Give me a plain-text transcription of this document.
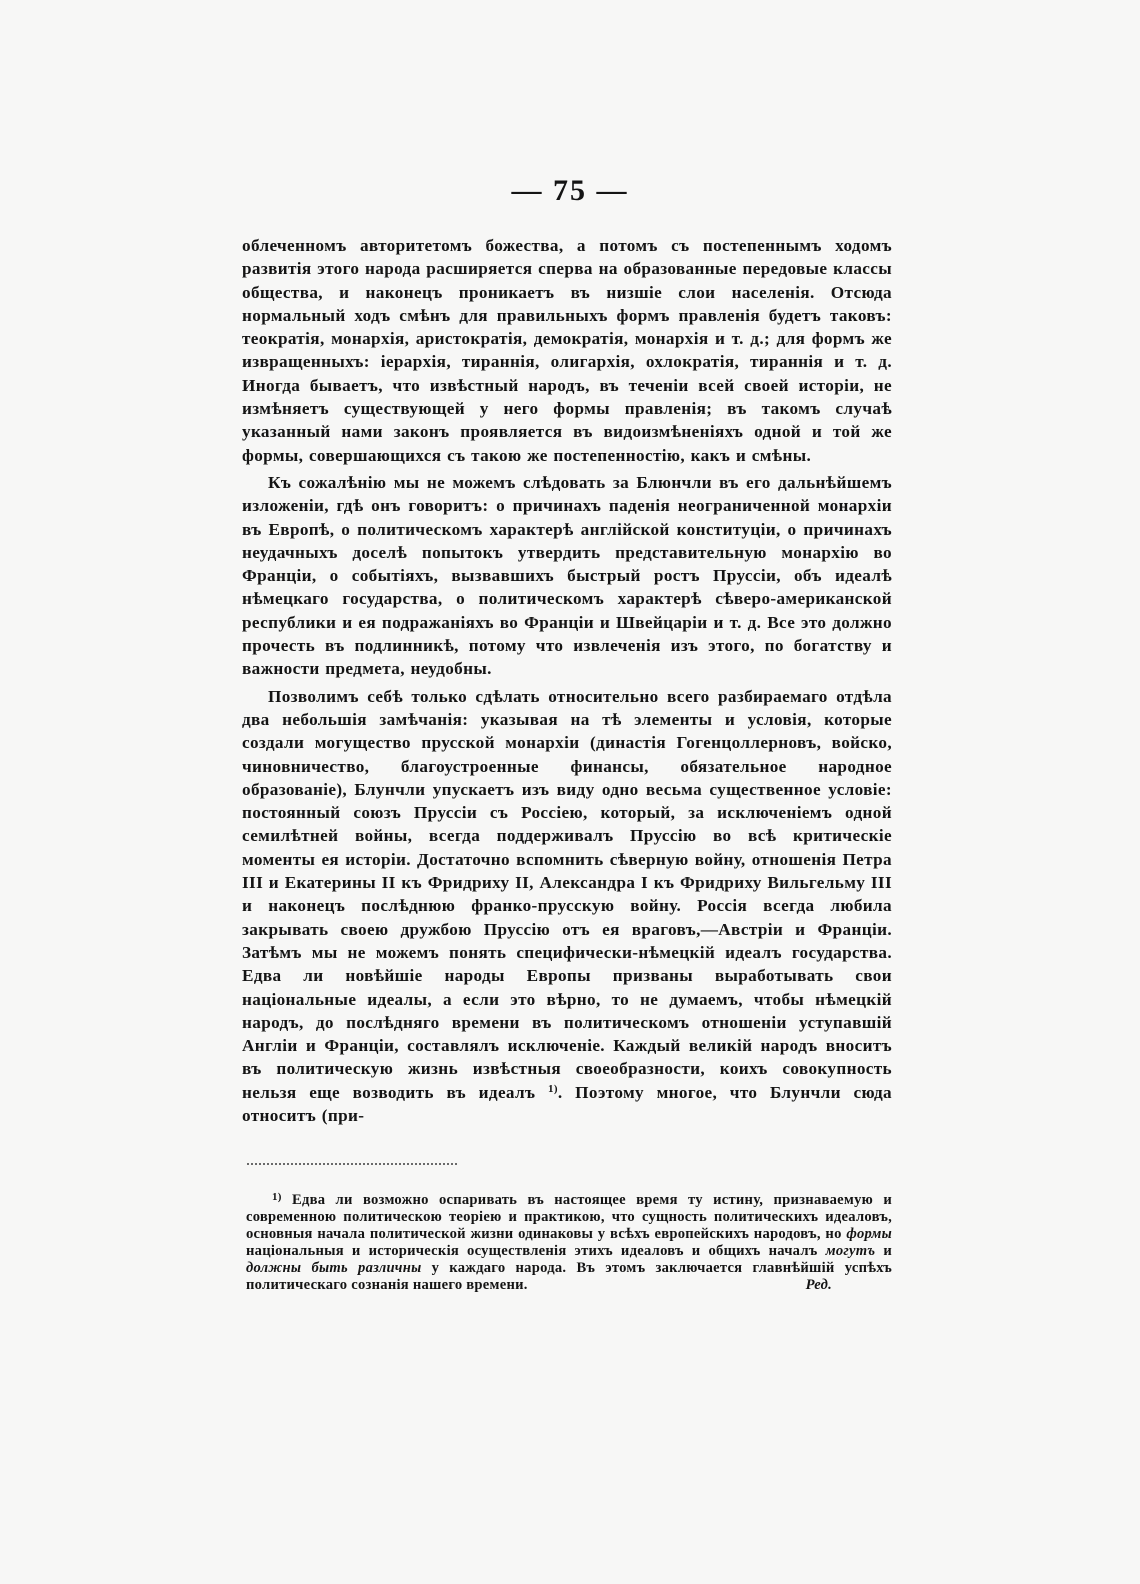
— 75 —

облеченномъ авторитетомъ божества, а потомъ съ постепеннымъ ходомъ развитія этого народа расширяется сперва на образованные передовые классы общества, и наконецъ проникаетъ въ низшіе слои населенія. Отсюда нормальный ходъ смѣнъ для правильныхъ формъ правленія будетъ таковъ: теократія, монархія, аристократія, демократія, монархія и т. д.; для формъ же извращенныхъ: іерархія, тираннія, олигархія, охлократія, тираннія и т. д. Иногда бываетъ, что извѣстный народъ, въ теченіи всей своей исторіи, не измѣняетъ существующей у него формы правленія; въ такомъ случаѣ указанный нами законъ проявляется въ видоизмѣненіяхъ одной и той же формы, совершающихся съ такою же постепенностію, какъ и смѣны.

Къ сожалѣнію мы не можемъ слѣдовать за Блюнчли въ его дальнѣйшемъ изложеніи, гдѣ онъ говоритъ: о причинахъ паденія неограниченной монархіи въ Европѣ, о политическомъ характерѣ англійской конституціи, о причинахъ неудачныхъ доселѣ попытокъ утвердить представительную монархію во Франціи, о событіяхъ, вызвавшихъ быстрый ростъ Пруссіи, объ идеалѣ нѣмецкаго государства, о политическомъ характерѣ сѣверо-американской республики и ея подражаніяхъ во Франціи и Швейцаріи и т. д. Все это должно прочесть въ подлинникѣ, потому что извлеченія изъ этого, по богатству и важности предмета, неудобны.

Позволимъ себѣ только сдѣлать относительно всего разбираемаго отдѣла два небольшія замѣчанія: указывая на тѣ элементы и условія, которые создали могущество прусской монархіи (династія Гогенцоллерновъ, войско, чиновничество, благоустроенные финансы, обязательное народное образованіе), Блунчли упускаетъ изъ виду одно весьма существенное условіе: постоянный союзъ Пруссіи съ Россіею, который, за исключеніемъ одной семилѣтней войны, всегда поддерживалъ Пруссію во всѣ критическіе моменты ея исторіи. Достаточно вспомнить сѣверную войну, отношенія Петра III и Екатерины II къ Фридриху II, Александра I къ Фридриху Вильгельму III и наконецъ послѣднюю франко-прусскую войну. Россія всегда любила закрывать своею дружбою Пруссію отъ ея враговъ,—Австріи и Франціи. Затѣмъ мы не можемъ понять специфически-нѣмецкій идеалъ государства. Едва ли новѣйшіе народы Европы призваны выработывать свои національные идеалы, а если это вѣрно, то не думаемъ, чтобы нѣмецкій народъ, до послѣдняго времени въ политическомъ отношеніи уступавшій Англіи и Франціи, составлялъ исключеніе. Каждый великій народъ вноситъ въ политическую жизнь извѣстныя своеобразности, коихъ совокупность нельзя еще возводить въ идеалъ $^{1)}$. Поэтому многое, что Блунчли сюда относитъ (при-

$^{1)}$ Едва ли возможно оспаривать въ настоящее время ту истину, признаваемую и современною политическою теоріею и практикою, что сущность политическихъ идеаловъ, основныя начала политической жизни одинаковы у всѣхъ европейскихъ народовъ, но формы національныя и историческія осуществленія этихъ идеаловъ и общихъ началъ могутъ и должны быть различны у каждаго народа. Въ этомъ заключается главнѣйшій успѣхъ политическаго сознанія нашего времени.	Ред.
